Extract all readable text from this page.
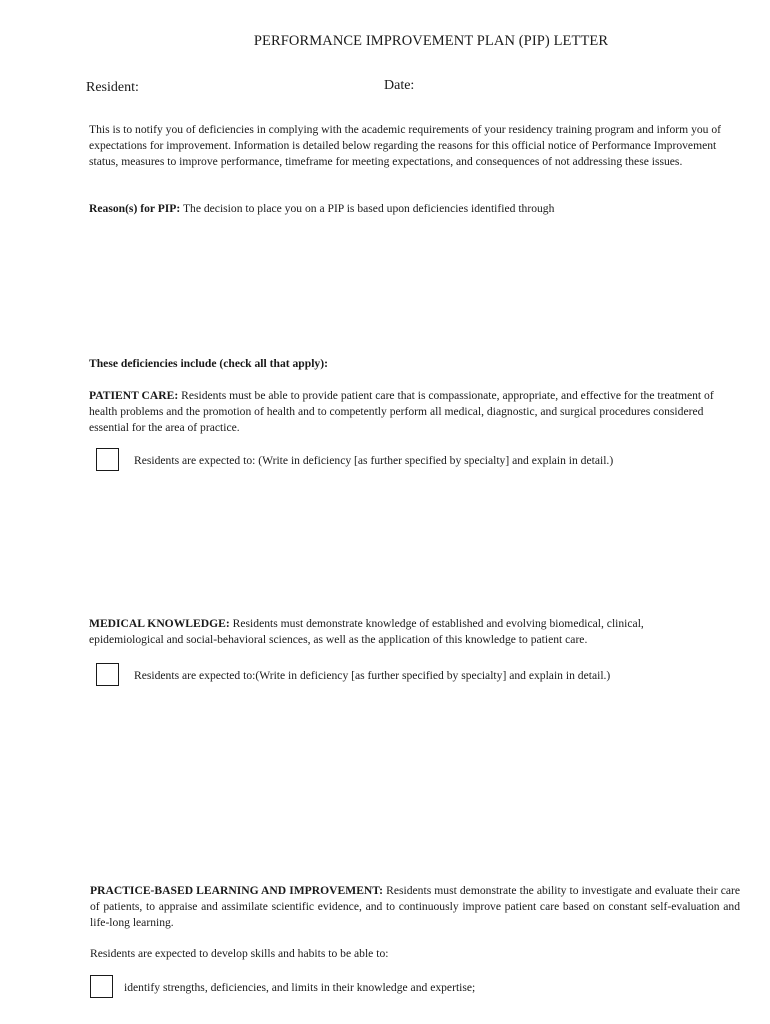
PERFORMANCE IMPROVEMENT PLAN (PIP) LETTER
Resident:	Date:
This is to notify you of deficiencies in complying with the academic requirements of your residency training program and inform you of expectations for improvement. Information is detailed below regarding the reasons for this official notice of Performance Improvement status, measures to improve performance, timeframe for meeting expectations, and consequences of not addressing these issues.
Reason(s) for PIP: The decision to place you on a PIP is based upon deficiencies identified through
These deficiencies include (check all that apply):
PATIENT CARE: Residents must be able to provide patient care that is compassionate, appropriate, and effective for the treatment of health problems and the promotion of health and to competently perform all medical, diagnostic, and surgical procedures considered essential for the area of practice.
Residents are expected to: (Write in deficiency [as further specified by specialty] and explain in detail.)
MEDICAL KNOWLEDGE: Residents must demonstrate knowledge of established and evolving biomedical, clinical, epidemiological and social-behavioral sciences, as well as the application of this knowledge to patient care.
Residents are expected to:(Write in deficiency [as further specified by specialty] and explain in detail.)
PRACTICE-BASED LEARNING AND IMPROVEMENT: Residents must demonstrate the ability to investigate and evaluate their care of patients, to appraise and assimilate scientific evidence, and to continuously improve patient care based on constant self-evaluation and life-long learning.
Residents are expected to develop skills and habits to be able to:
identify strengths, deficiencies, and limits in their knowledge and expertise;
